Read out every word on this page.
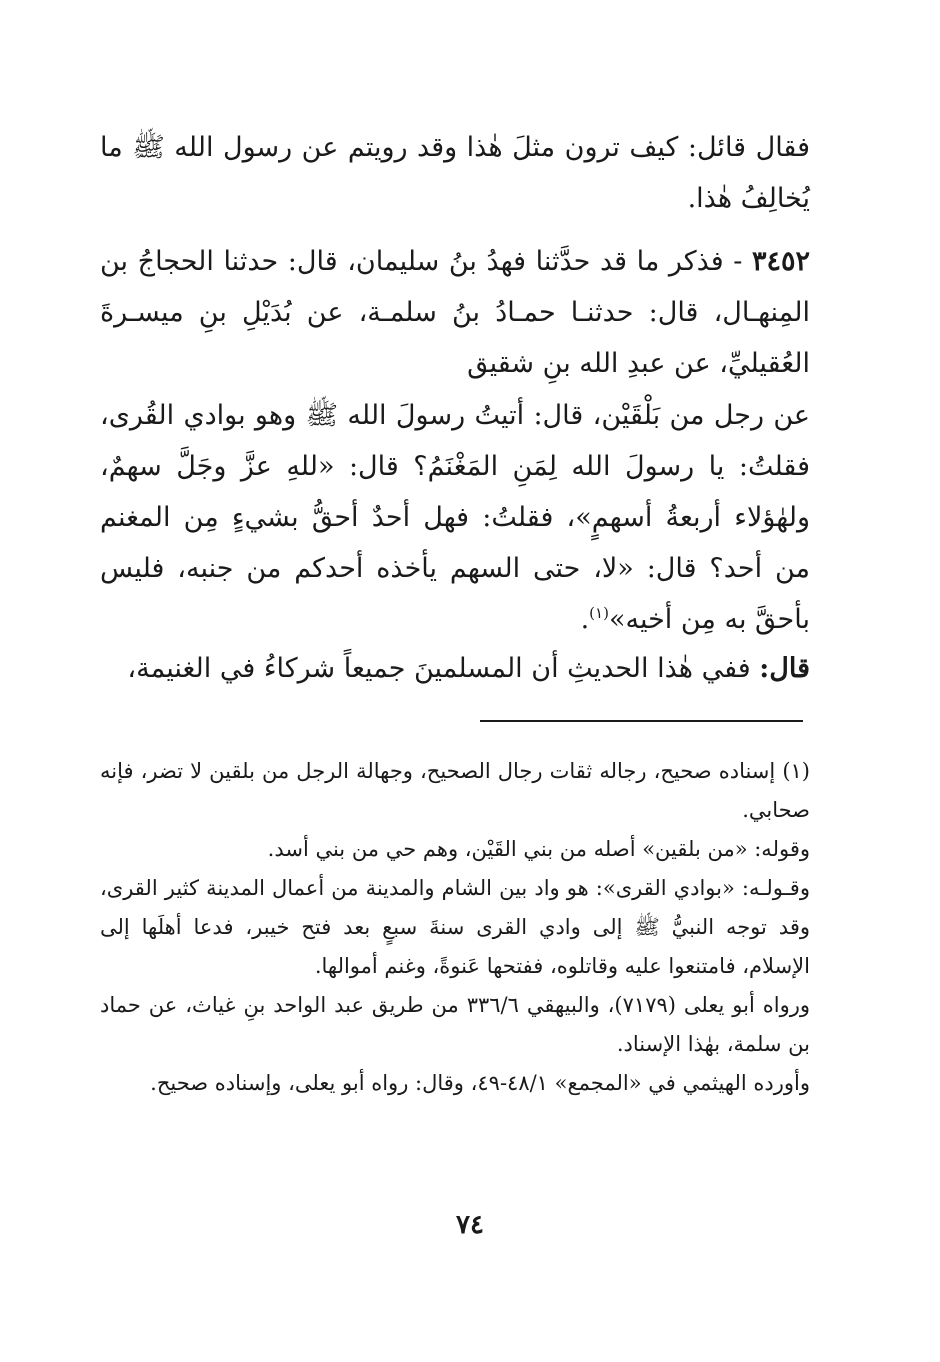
فقال قائل: كيف ترون مثلَ هٰذا وقد رويتم عن رسول الله ﷺ ما يُخالِفُ هٰذا.

٣٤٥٢ - فذكر ما قد حدَّثنا فهدُ بنُ سليمان، قال: حدثنا الحجاجُ بن المِنهـال، قال: حدثنـا حمـادُ بنُ سلمـة، عن بُدَيْلِ بنِ ميسـرةَ العُقيليِّ، عن عبدِ الله بنِ شقيق

عن رجل من بَلْقَيْن، قال: أتيتُ رسولَ الله ﷺ وهو بوادي القُرى، فقلتُ: يا رسولَ الله لِمَنِ المَغْنَمُ؟ قال: «للهِ عزَّ وجَلَّ سهمٌ، ولهٰؤلاء أربعةُ أسهمٍ»، فقلتُ: فهل أحدٌ أحقُّ بشيءٍ مِن المغنم من أحد؟ قال: «لا، حتى السهم يأخذه أحدكم من جنبه، فليس بأحقَّ به مِن أخيه»$^{(١)}$.

قال: ففي هٰذا الحديثِ أن المسلمينَ جميعاً شركاءُ في الغنيمة،

(١) إسناده صحيح، رجاله ثقات رجال الصحيح، وجهالة الرجل من بلقين لا تضر، فإنه صحابي.

وقوله: «من بلقين» أصله من بني القَيْن، وهم حي من بني أسد.

وقـولـه: «بوادي القرى»: هو واد بين الشام والمدينة من أعمال المدينة كثير القرى، وقد توجه النبيُّ ﷺ إلى وادي القرى سنةَ سبعٍ بعد فتح خيبر، فدعا أهلَها إلى الإسلام، فامتنعوا عليه وقاتلوه، ففتحها عَنوةً، وغنم أموالها.

ورواه أبو يعلى (٧١٧٩)، والبيهقي ٣٣٦/٦ من طريق عبد الواحد بنِ غياث، عن حماد بن سلمة، بهٰذا الإسناد.

وأورده الهيثمي في «المجمع» ٤٨/١-٤٩، وقال: رواه أبو يعلى، وإسناده صحيح.

٧٤
